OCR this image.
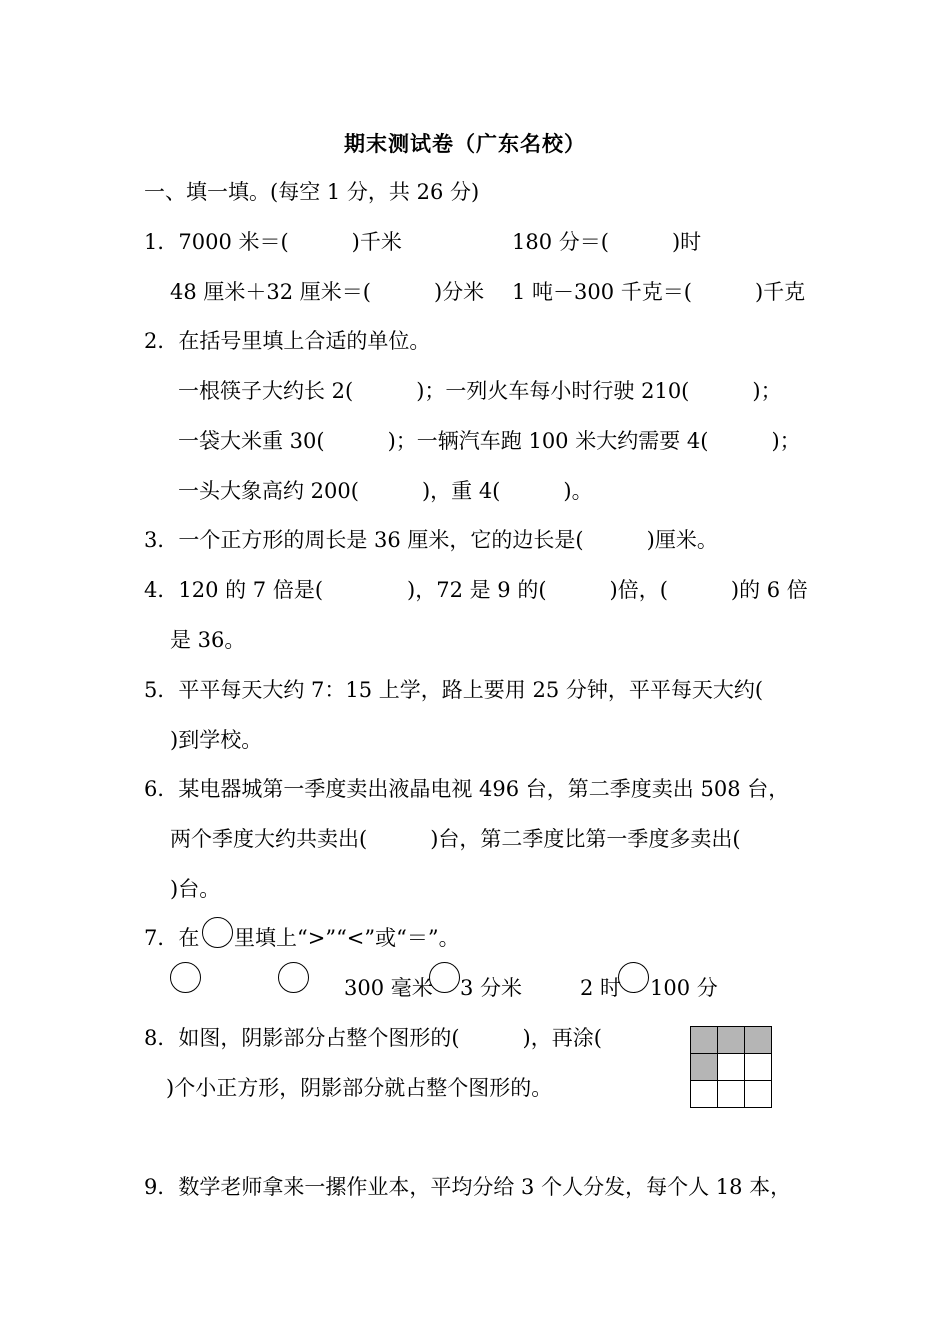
期末测试卷（广东名校）
一、填一填。(每空 1 分，共 26 分)
1．7000 米＝(　　　)千米	180 分＝(　　　)时
48 厘米＋32 厘米＝(　　　)分米 1 吨－300 千克＝(　　　)千克
2．在括号里填上合适的单位。
一根筷子大约长 2(　　　)；一列火车每小时行驶 210(　　　)；
一袋大米重 30(　　　)；一辆汽车跑 100 米大约需要 4(　　　)；
一头大象高约 200(　　　)，重 4(　　　)。
3．一个正方形的周长是 36 厘米，它的边长是(　　　)厘米。
4．120 的 7 倍是(　　　　)，72 是 9 的(　　　)倍，(　　　)的 6 倍
是 36。
5．平平每天大约 7：15 上学，路上要用 25 分钟，平平每天大约(
)到学校。
6．某电器城第一季度卖出液晶电视 496 台，第二季度卖出 508 台，
两个季度大约共卖出(　　　)台，第二季度比第一季度多卖出(
)台。
7．在 里填上“>”“<”或“＝”。
300 毫米 3 分米	2 时 100 分
8．如图，阴影部分占整个图形的(　　　)，再涂(
)个小正方形，阴影部分就占整个图形的。
9．数学老师拿来一摞作业本，平均分给 3 个人分发，每个人 18 本，
